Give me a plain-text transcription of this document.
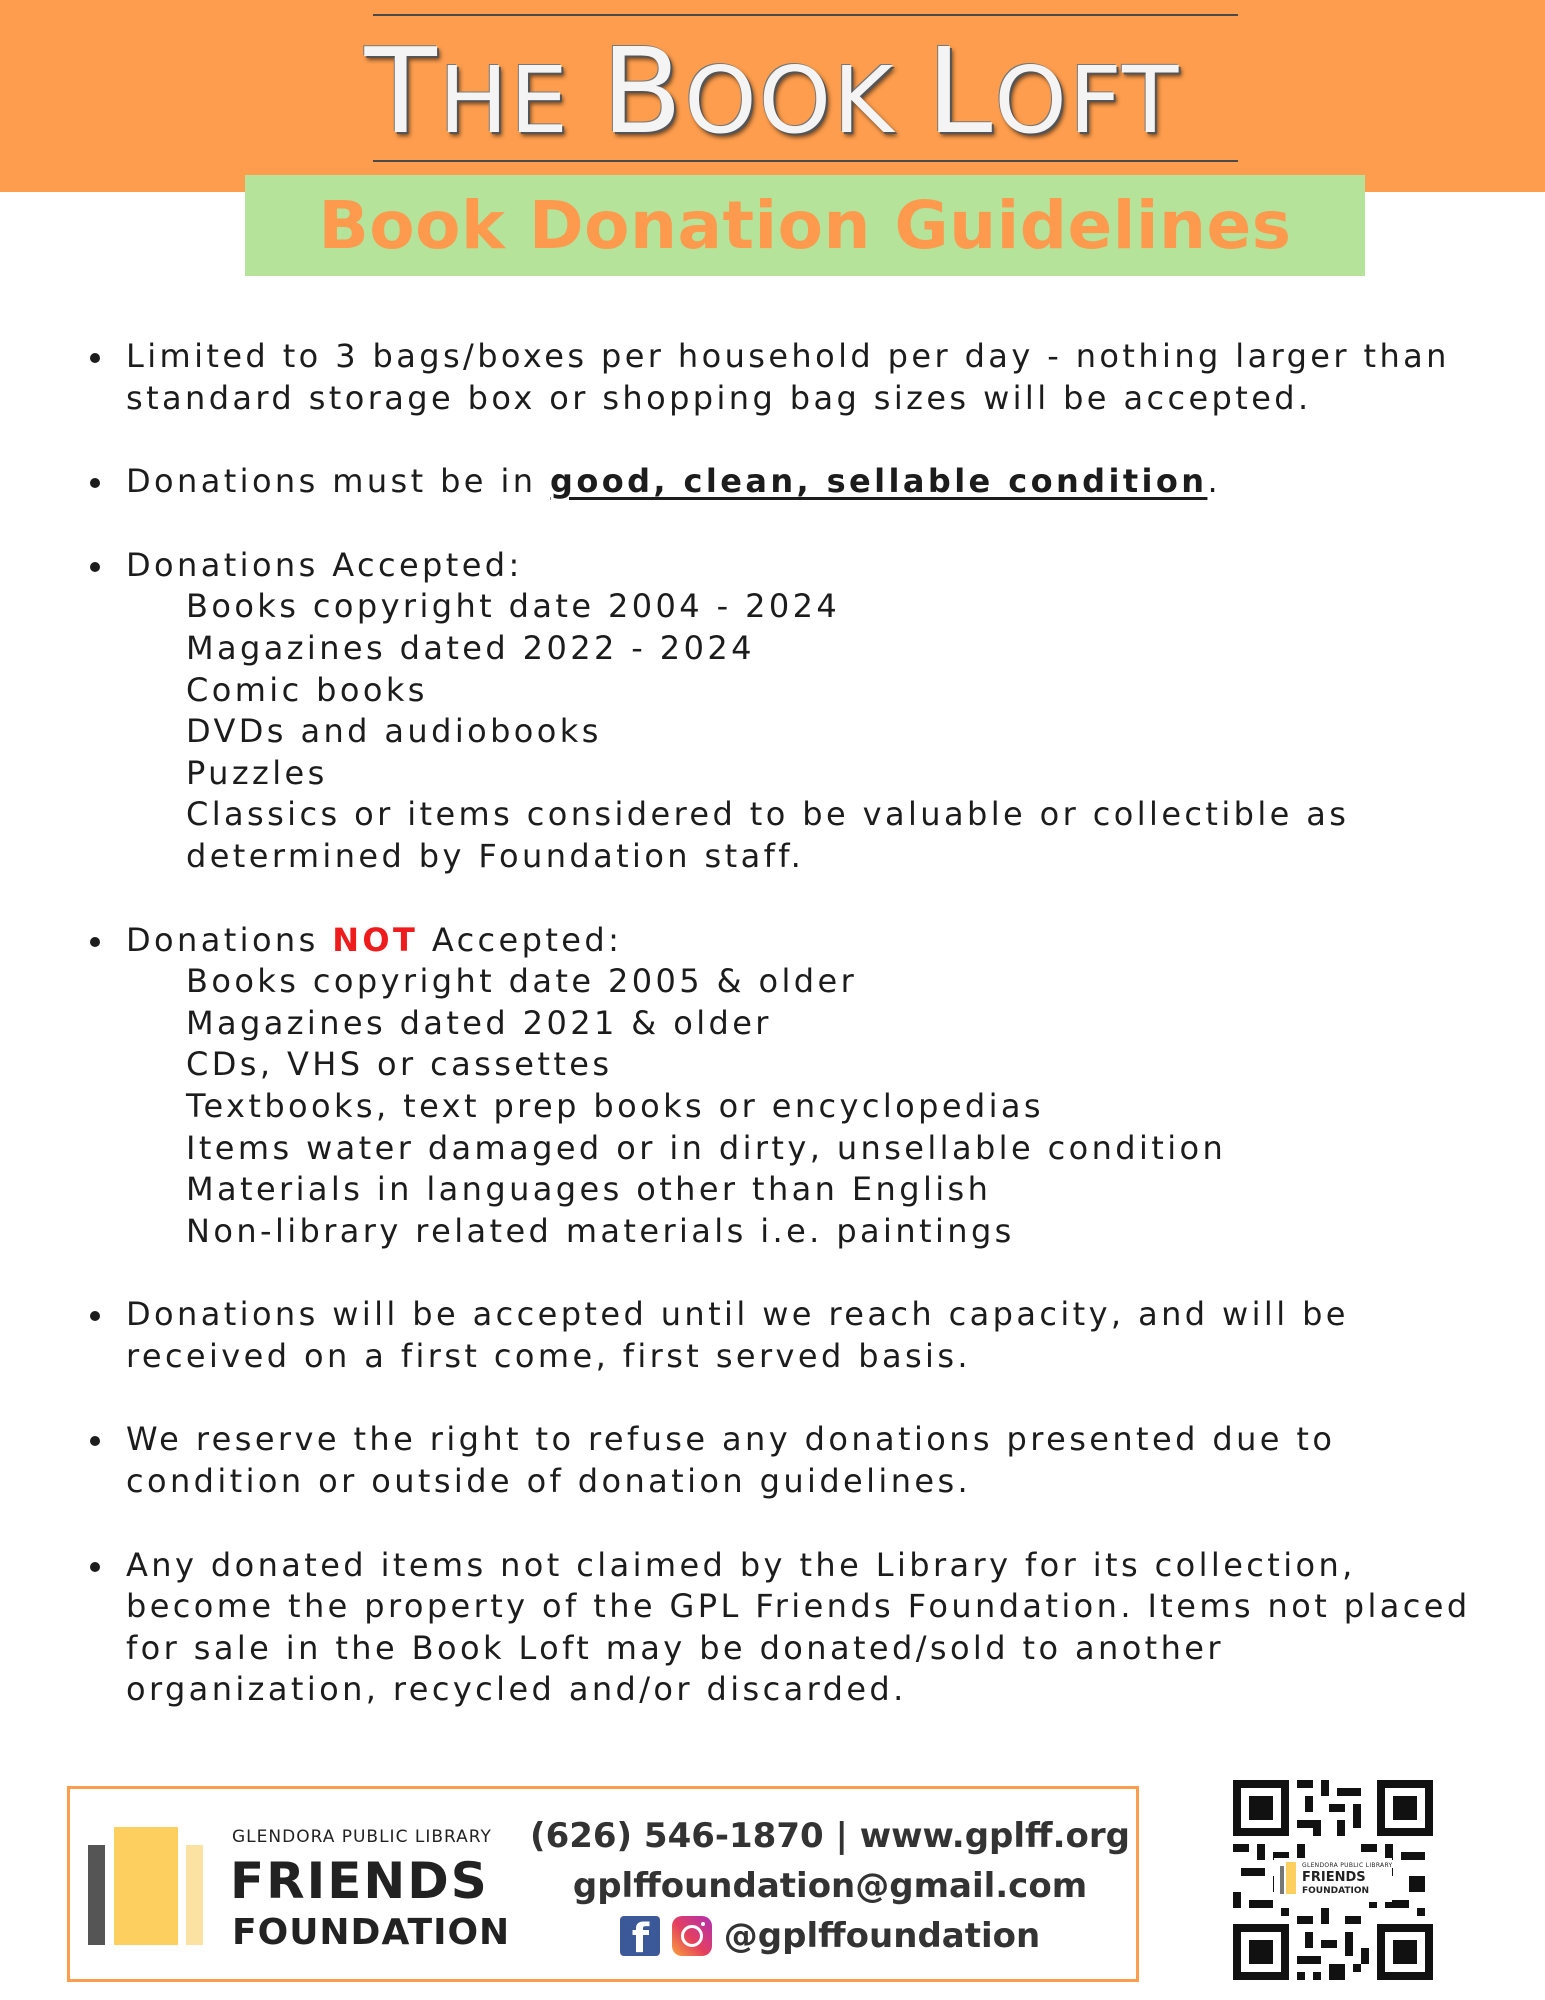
THE BOOK LOFT
Book Donation Guidelines
Limited to 3 bags/boxes per household per day - nothing larger than standard storage box or shopping bag sizes will be accepted.
Donations must be in good, clean, sellable condition.
Donations Accepted:
Books copyright date 2004 - 2024
Magazines dated 2022 - 2024
Comic books
DVDs and audiobooks
Puzzles
Classics or items considered to be valuable or collectible as determined by Foundation staff.
Donations NOT Accepted:
Books copyright date 2005 & older
Magazines dated 2021 & older
CDs, VHS or cassettes
Textbooks, text prep books or encyclopedias
Items water damaged or in dirty, unsellable condition
Materials in languages other than English
Non-library related materials i.e. paintings
Donations will be accepted until we reach capacity, and will be received on a first come, first served basis.
We reserve the right to refuse any donations presented due to condition or outside of donation guidelines.
Any donated items not claimed by the Library for its collection, become the property of the GPL Friends Foundation. Items not placed for sale in the Book Loft may be donated/sold to another organization, recycled and/or discarded.
GLENDORA PUBLIC LIBRARY
FRIENDS
FOUNDATION
(626) 546-1870 | www.gplff.org
gplffoundation@gmail.com
f
@gplffoundation
GLENDORA PUBLIC LIBRARY
FRIENDS
FOUNDATION
